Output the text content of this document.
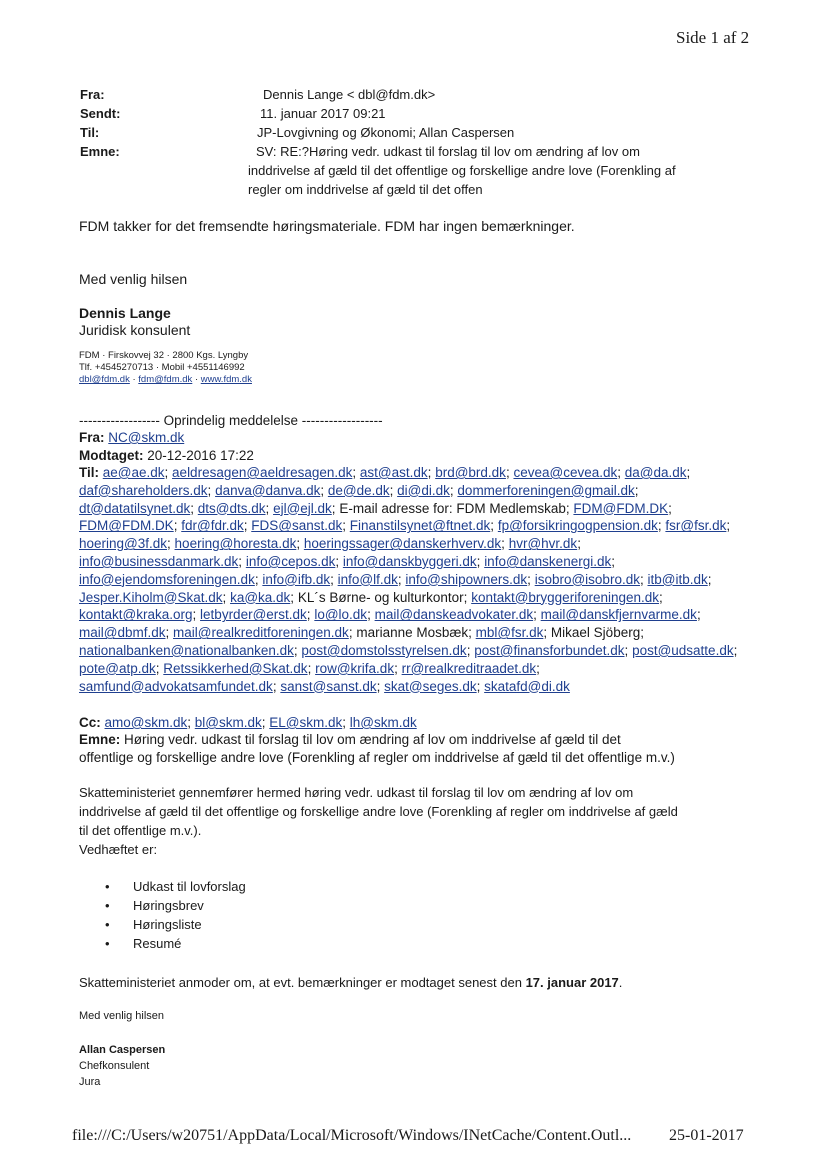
Side 1 af 2
Fra:	Dennis Lange < dbl@fdm.dk>
Sendt:	11. januar 2017 09:21
Til:	JP-Lovgivning og Økonomi; Allan Caspersen
Emne:	SV: RE:?Høring vedr. udkast til forslag til lov om ændring af lov om
inddrivelse af gæld til det offentlige og forskellige andre love (Forenkling af
regler om inddrivelse af gæld til det offen
FDM takker for det fremsendte høringsmateriale. FDM har ingen bemærkninger.
Med venlig hilsen
Dennis Lange
Juridisk konsulent
FDM · Firskovvej 32 · 2800 Kgs. Lyngby
Tlf. +4545270713 · Mobil +4551146992
dbl@fdm.dk · fdm@fdm.dk · www.fdm.dk
------------------ Oprindelig meddelelse ------------------
Fra: NC@skm.dk
Modtaget: 20-12-2016 17:22
Til: ae@ae.dk; aeldresagen@aeldresagen.dk; ast@ast.dk; brd@brd.dk; cevea@cevea.dk; da@da.dk; daf@shareholders.dk; danva@danva.dk; de@de.dk; di@di.dk; dommerforeningen@gmail.dk; dt@datatilsynet.dk; dts@dts.dk; ejl@ejl.dk; E-mail adresse for: FDM Medlemskab; FDM@FDM.DK; FDM@FDM.DK; fdr@fdr.dk; FDS@sanst.dk; Finanstilsynet@ftnet.dk; fp@forsikringogpension.dk; fsr@fsr.dk; hoering@3f.dk; hoering@horesta.dk; hoeringssager@danskerhverv.dk; hvr@hvr.dk; info@businessdanmark.dk; info@cepos.dk; info@danskbyggeri.dk; info@danskenergi.dk; info@ejendomsforeningen.dk; info@ifb.dk; info@lf.dk; info@shipowners.dk; isobro@isobro.dk; itb@itb.dk; Jesper.Kiholm@Skat.dk; ka@ka.dk; KL´s Børne- og kulturkontor; kontakt@bryggeriforeningen.dk; kontakt@kraka.org; letbyrder@erst.dk; lo@lo.dk; mail@danskeadvokater.dk; mail@danskfjernvarme.dk; mail@dbmf.dk; mail@realkreditforeningen.dk; marianne Mosbæk; mbl@fsr.dk; Mikael Sjöberg; nationalbanken@nationalbanken.dk; post@domstolsstyrelsen.dk; post@finansforbundet.dk; post@udsatte.dk; pote@atp.dk; Retssikkerhed@Skat.dk; row@krifa.dk; rr@realkreditraadet.dk; samfund@advokatsamfundet.dk; sanst@sanst.dk; skat@seges.dk; skatafd@di.dk
Cc: amo@skm.dk; bl@skm.dk; EL@skm.dk; lh@skm.dk
Emne: Høring vedr. udkast til forslag til lov om ændring af lov om inddrivelse af gæld til det
offentlige og forskellige andre love (Forenkling af regler om inddrivelse af gæld til det offentlige m.v.)
Skatteministeriet gennemfører hermed høring vedr. udkast til forslag til lov om ændring af lov om
inddrivelse af gæld til det offentlige og forskellige andre love (Forenkling af regler om inddrivelse af gæld
til det offentlige m.v.).
Vedhæftet er:
• Udkast til lovforslag
• Høringsbrev
• Høringsliste
• Resumé
Skatteministeriet anmoder om, at evt. bemærkninger er modtaget senest den 17. januar 2017.
Med venlig hilsen
Allan Caspersen
Chefkonsulent
Jura
file:///C:/Users/w20751/AppData/Local/Microsoft/Windows/INetCache/Content.Outl... 25-01-2017
